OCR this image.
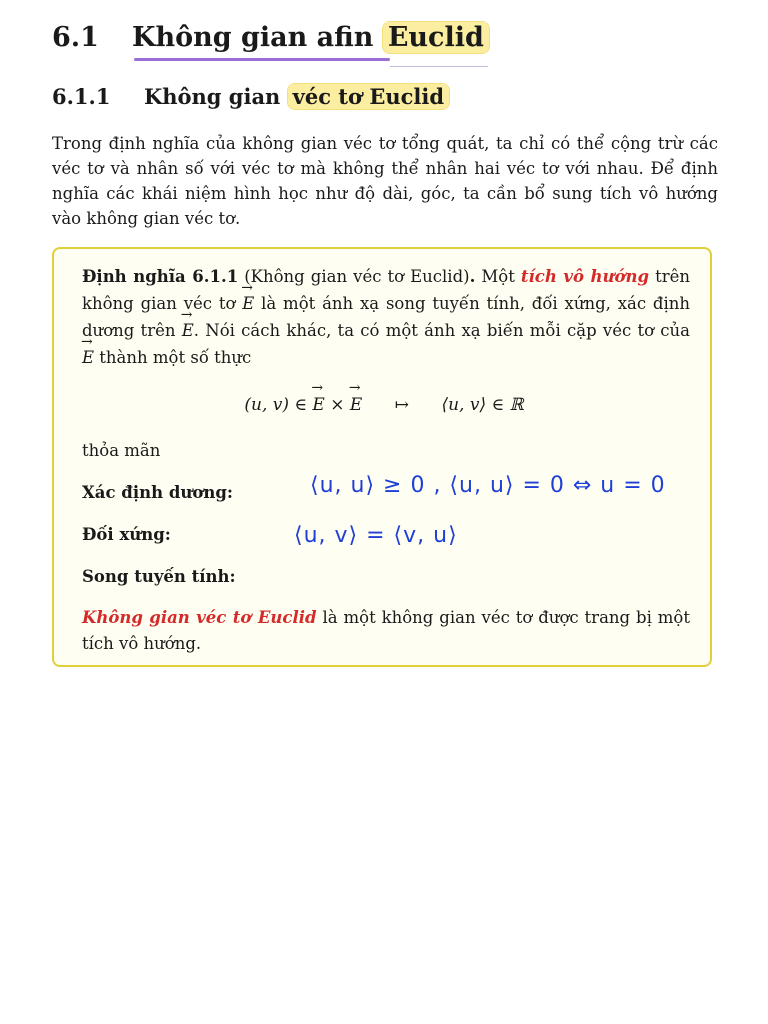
6.1 Không gian afin Euclid
6.1.1 Không gian véc tơ Euclid

Trong định nghĩa của không gian véc tơ tổng quát, ta chỉ có thể cộng trừ các véc tơ và nhân số với véc tơ mà không thể nhân hai véc tơ với nhau. Để định nghĩa các khái niệm hình học như độ dài, góc, ta cần bổ sung tích vô hướng vào không gian véc tơ.

Định nghĩa 6.1.1 (Không gian véc tơ Euclid). Một tích vô hướng trên không gian véc tơ → E là một ánh xạ song tuyến tính, đối xứng, xác định dương trên → E. Nói cách khác, ta có một ánh xạ biến mỗi cặp véc tơ của → E thành một số thực

(u, v) ∈ → E × → E ↦ ⟨u, v⟩ ∈ ℝ

thỏa mãn

Xác định dương:	⟨u, u⟩ ≥ 0 , ⟨u, u⟩ = 0 ⇔ u = 0

Đối xứng:	⟨u, v⟩ = ⟨v, u⟩

Song tuyến tính:

Không gian véc tơ Euclid là một không gian véc tơ được trang bị một tích vô hướng.
